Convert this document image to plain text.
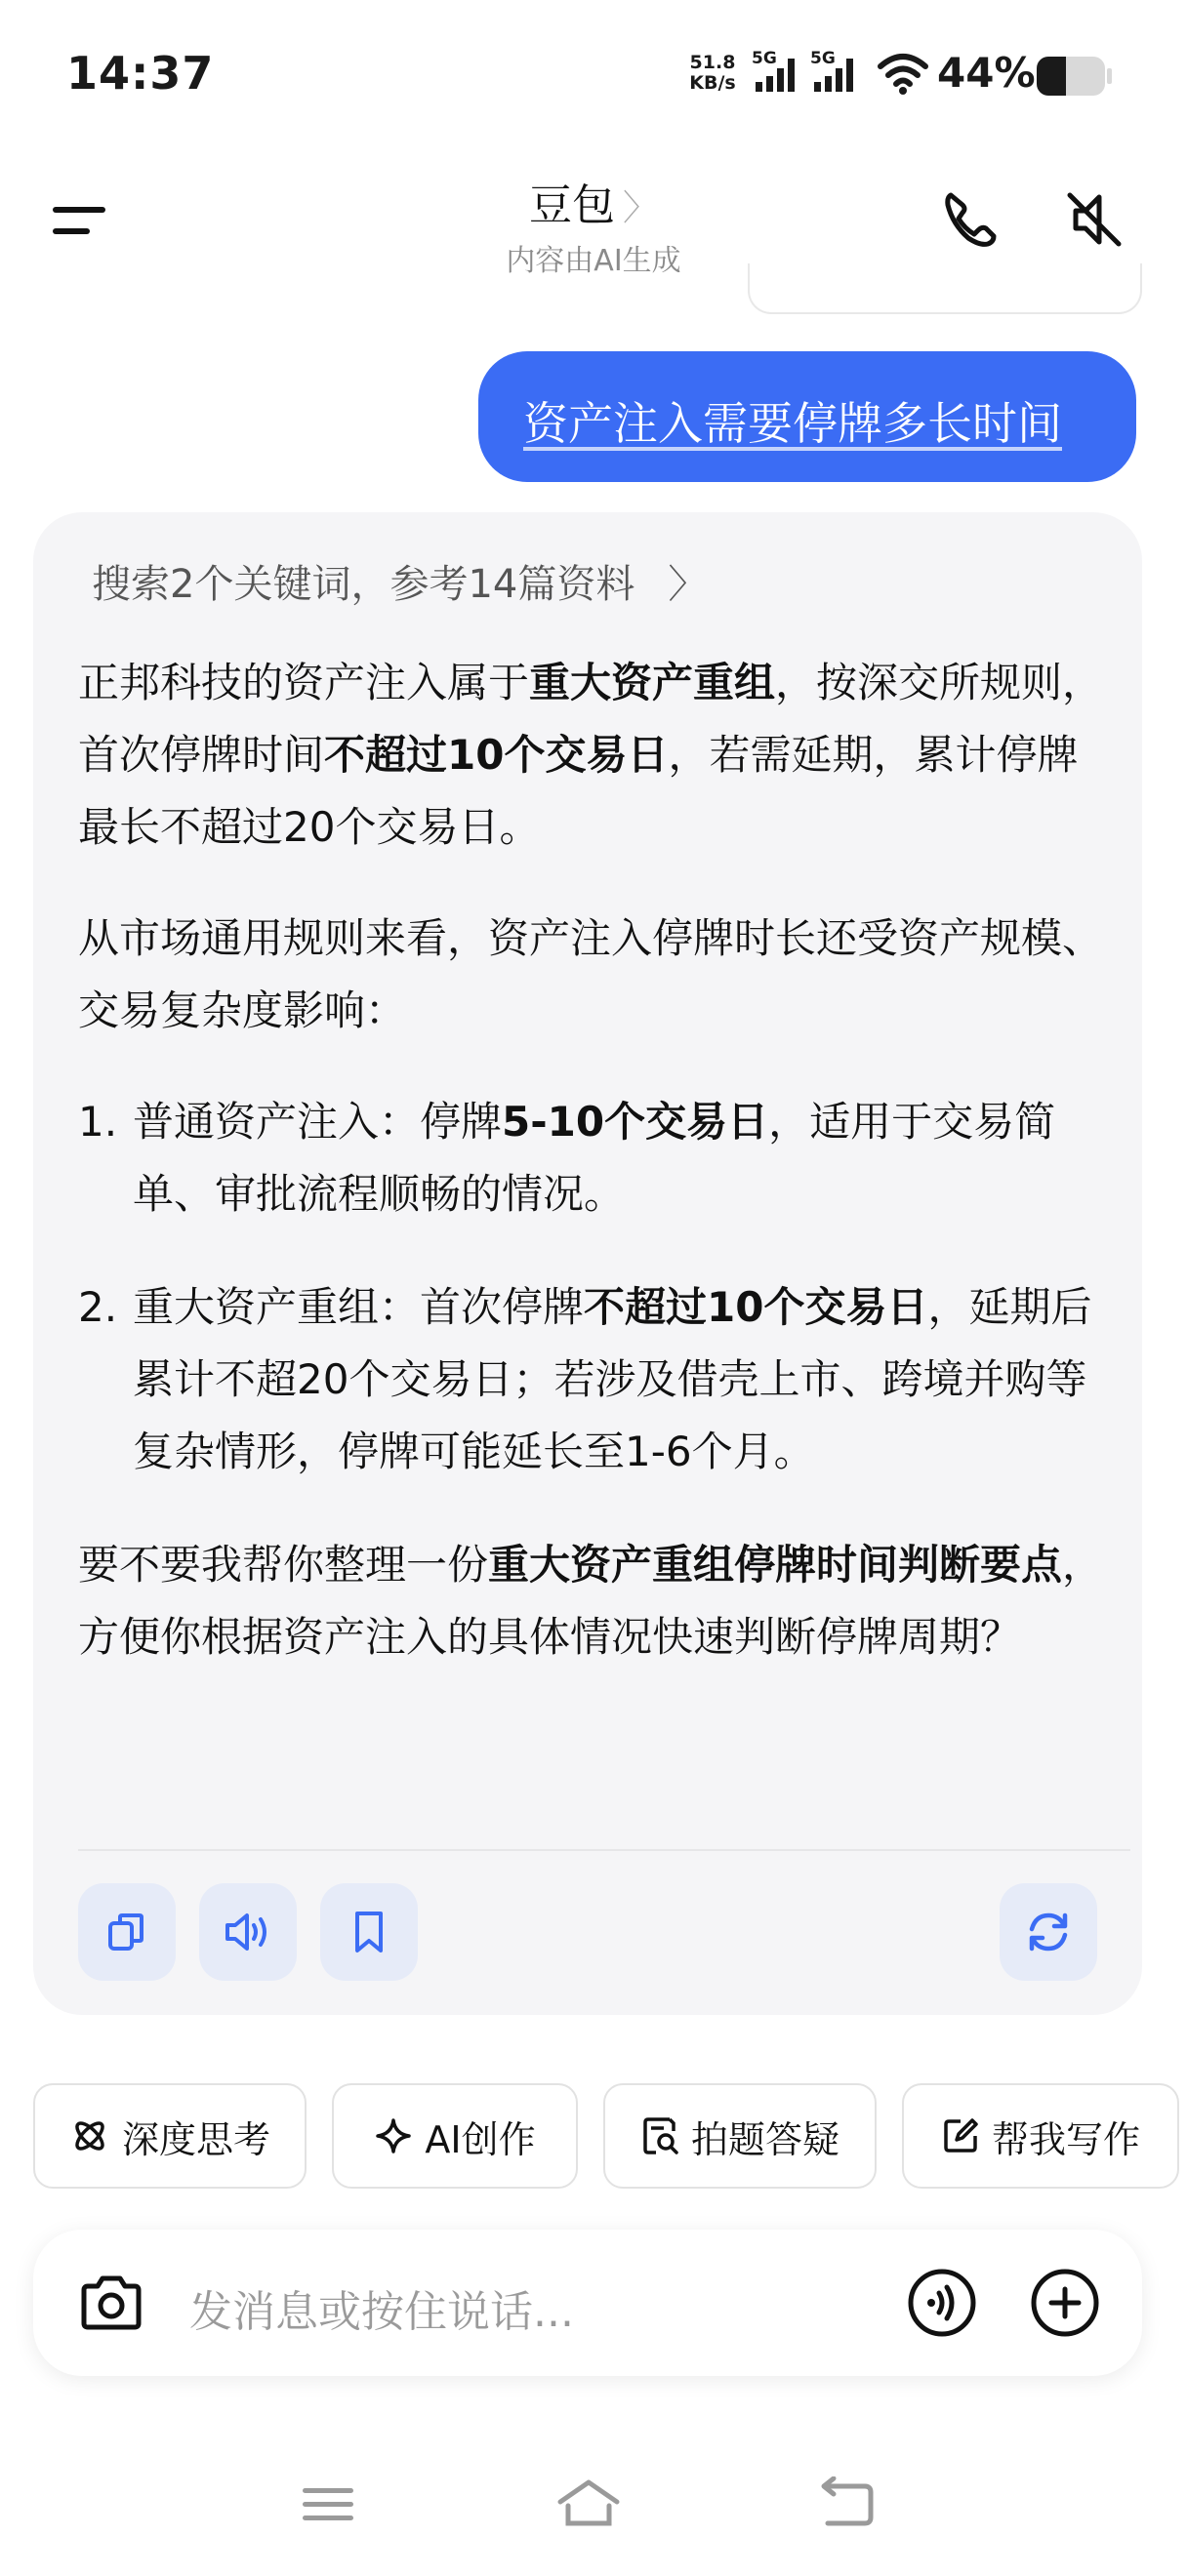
14:37	51.8
KB/s
5G 5G 44%
豆包 〉
内容由AI生成
资产注入需要停牌多长时间
搜索2个关键词，参考14篇资料 〉

正邦科技的资产注入属于重大资产重组，按深交所规则，首次停牌时间不超过10个交易日，若需延期，累计停牌最长不超过20个交易日。

从市场通用规则来看，资产注入停牌时长还受资产规模、交易复杂度影响：

1. 普通资产注入：停牌5-10个交易日，适用于交易简单、审批流程顺畅的情况。
2. 重大资产重组：首次停牌不超过10个交易日，延期后累计不超20个交易日；若涉及借壳上市、跨境并购等复杂情形，停牌可能延长至1-6个月。

要不要我帮你整理一份重大资产重组停牌时间判断要点，方便你根据资产注入的具体情况快速判断停牌周期？

深度思考	AI创作	拍题答疑	帮我写作
发消息或按住说话...
